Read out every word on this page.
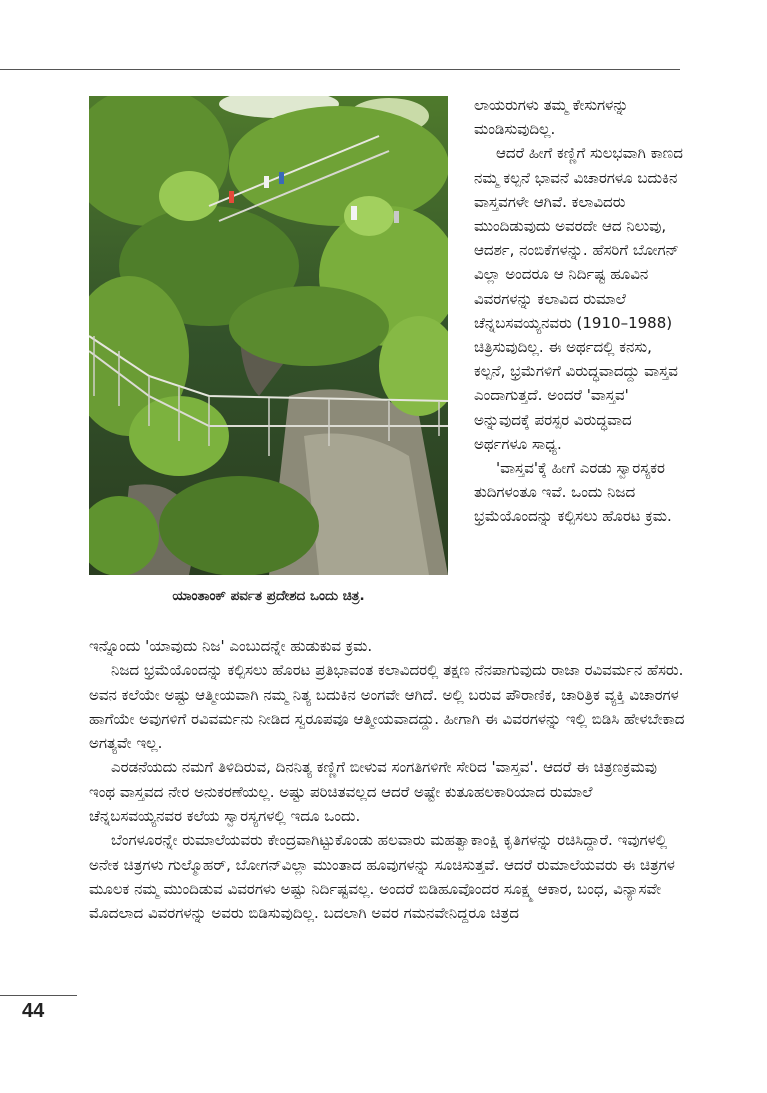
ಯಾಂತಾಂಕ್ ಪರ್ವತ ಪ್ರದೇಶದ ಒಂದು ಚಿತ್ರ.

ಲಾಯರುಗಳು ತಮ್ಮ ಕೇಸುಗಳನ್ನು ಮಂಡಿಸುವುದಿಲ್ಲ.

ಆದರೆ ಹೀಗೆ ಕಣ್ಣಿಗೆ ಸುಲಭವಾಗಿ ಕಾಣದ ನಮ್ಮ ಕಲ್ಪನೆ ಭಾವನೆ ವಿಚಾರಗಳೂ ಬದುಕಿನ ವಾಸ್ತವಗಳೇ ಆಗಿವೆ. ಕಲಾವಿದರು ಮುಂದಿಡುವುದು ಅವರದೇ ಆದ ನಿಲುವು, ಆದರ್ಶ, ನಂಬಿಕೆಗಳನ್ನು. ಹೆಸರಿಗೆ ಬೋಗನ್ ವಿಲ್ಲಾ ಅಂದರೂ ಆ ನಿರ್ದಿಷ್ಟ ಹೂವಿನ ವಿವರಗಳನ್ನು ಕಲಾವಿದ ರುಮಾಲೆ ಚೆನ್ನಬಸವಯ್ಯನವರು (1910–1988) ಚಿತ್ರಿಸುವುದಿಲ್ಲ. ಈ ಅರ್ಥದಲ್ಲಿ ಕನಸು, ಕಲ್ಪನೆ, ಭ್ರಮೆಗಳಿಗೆ ವಿರುದ್ಧವಾದದ್ದು ವಾಸ್ತವ ಎಂದಾಗುತ್ತದೆ. ಅಂದರೆ 'ವಾಸ್ತವ' ಅನ್ನುವುದಕ್ಕೆ ಪರಸ್ಪರ ವಿರುದ್ಧವಾದ ಅರ್ಥಗಳೂ ಸಾಧ್ಯ.

'ವಾಸ್ತವ'ಕ್ಕೆ ಹೀಗೆ ಎರಡು ಸ್ವಾರಸ್ಯಕರ ತುದಿಗಳಂತೂ ಇವೆ. ಒಂದು ನಿಜದ ಭ್ರಮೆಯೊಂದನ್ನು ಕಲ್ಪಿಸಲು ಹೊರಟ ಕ್ರಮ.

ಇನ್ನೊಂದು 'ಯಾವುದು ನಿಜ' ಎಂಬುದನ್ನೇ ಹುಡುಕುವ ಕ್ರಮ.

ನಿಜದ ಭ್ರಮೆಯೊಂದನ್ನು ಕಲ್ಪಿಸಲು ಹೊರಟ ಪ್ರತಿಭಾವಂತ ಕಲಾವಿದರಲ್ಲಿ ತಕ್ಷಣ ನೆನಪಾಗುವುದು ರಾಜಾ ರವಿವರ್ಮನ ಹೆಸರು. ಅವನ ಕಲೆಯೇ ಅಷ್ಟು ಆತ್ಮೀಯವಾಗಿ ನಮ್ಮ ನಿತ್ಯ ಬದುಕಿನ ಅಂಗವೇ ಆಗಿದೆ. ಅಲ್ಲಿ ಬರುವ ಪೌರಾಣಿಕ, ಚಾರಿತ್ರಿಕ ವ್ಯಕ್ತಿ ವಿಚಾರಗಳ ಹಾಗೆಯೇ ಅವುಗಳಿಗೆ ರವಿವರ್ಮನು ನೀಡಿದ ಸ್ವರೂಪವೂ ಆತ್ಮೀಯವಾದದ್ದು. ಹೀಗಾಗಿ ಈ ವಿವರಗಳನ್ನು ಇಲ್ಲಿ ಬಿಡಿಸಿ ಹೇಳಬೇಕಾದ ಅಗತ್ಯವೇ ಇಲ್ಲ.

ಎರಡನೆಯದು ನಮಗೆ ತಿಳಿದಿರುವ, ದಿನನಿತ್ಯ ಕಣ್ಣಿಗೆ ಬೀಳುವ ಸಂಗತಿಗಳಿಗೇ ಸೇರಿದ 'ವಾಸ್ತವ'. ಆದರೆ ಈ ಚಿತ್ರಣಕ್ರಮವು ಇಂಥ ವಾಸ್ತವದ ನೇರ ಅನುಕರಣೆಯಲ್ಲ. ಅಷ್ಟು ಪರಿಚಿತವಲ್ಲದ ಆದರೆ ಅಷ್ಟೇ ಕುತೂಹಲಕಾರಿಯಾದ ರುಮಾಲೆ ಚೆನ್ನಬಸವಯ್ಯನವರ ಕಲೆಯ ಸ್ವಾರಸ್ಯಗಳಲ್ಲಿ ಇದೂ ಒಂದು.

ಬೆಂಗಳೂರನ್ನೇ ರುಮಾಲೆಯವರು ಕೇಂದ್ರವಾಗಿಟ್ಟುಕೊಂಡು ಹಲವಾರು ಮಹತ್ವಾಕಾಂಕ್ಷಿ ಕೃತಿಗಳನ್ನು ರಚಿಸಿದ್ದಾರೆ. ಇವುಗಳಲ್ಲಿ ಅನೇಕ ಚಿತ್ರಗಳು ಗುಲ್ಮೊಹರ್, ಬೋಗನ್‌ವಿಲ್ಲಾ ಮುಂತಾದ ಹೂವುಗಳನ್ನು ಸೂಚಿಸುತ್ತವೆ. ಆದರೆ ರುಮಾಲೆಯವರು ಈ ಚಿತ್ರಗಳ ಮೂಲಕ ನಮ್ಮ ಮುಂದಿಡುವ ವಿವರಗಳು ಅಷ್ಟು ನಿರ್ದಿಷ್ಟವಲ್ಲ. ಅಂದರೆ ಬಿಡಿಹೂವೊಂದರ ಸೂಕ್ಷ್ಮ ಆಕಾರ, ಬಂಧ, ವಿನ್ಯಾಸವೇ ಮೊದಲಾದ ವಿವರಗಳನ್ನು ಅವರು ಬಿಡಿಸುವುದಿಲ್ಲ. ಬದಲಾಗಿ ಅವರ ಗಮನವೇನಿದ್ದರೂ ಚಿತ್ರದ

44
